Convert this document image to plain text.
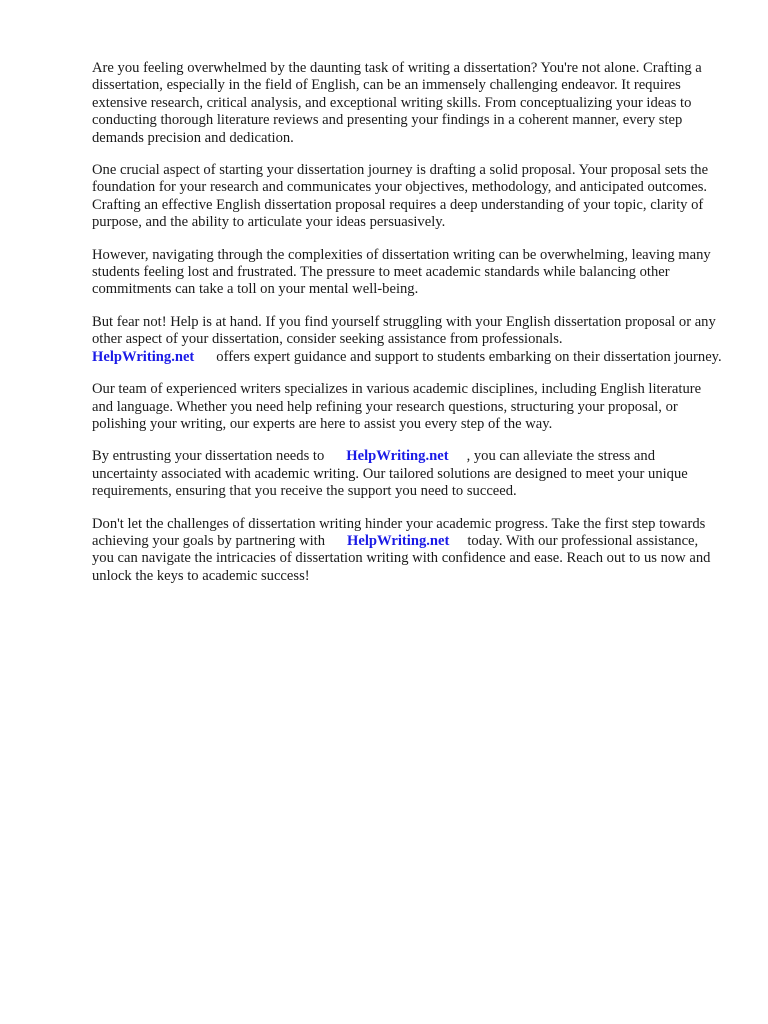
Are you feeling overwhelmed by the daunting task of writing a dissertation? You're not alone. Crafting a dissertation, especially in the field of English, can be an immensely challenging endeavor. It requires extensive research, critical analysis, and exceptional writing skills. From conceptualizing your ideas to conducting thorough literature reviews and presenting your findings in a coherent manner, every step demands precision and dedication.

One crucial aspect of starting your dissertation journey is drafting a solid proposal. Your proposal sets the foundation for your research and communicates your objectives, methodology, and anticipated outcomes. Crafting an effective English dissertation proposal requires a deep understanding of your topic, clarity of purpose, and the ability to articulate your ideas persuasively.

However, navigating through the complexities of dissertation writing can be overwhelming, leaving many students feeling lost and frustrated. The pressure to meet academic standards while balancing other commitments can take a toll on your mental well-being.

But fear not! Help is at hand. If you find yourself struggling with your English dissertation proposal or any other aspect of your dissertation, consider seeking assistance from professionals.
HelpWriting.net offers expert guidance and support to students embarking on their dissertation journey.

Our team of experienced writers specializes in various academic disciplines, including English literature and language. Whether you need help refining your research questions, structuring your proposal, or polishing your writing, our experts are here to assist you every step of the way.

By entrusting your dissertation needs to HelpWriting.net , you can alleviate the stress and uncertainty associated with academic writing. Our tailored solutions are designed to meet your unique requirements, ensuring that you receive the support you need to succeed.

Don't let the challenges of dissertation writing hinder your academic progress. Take the first step towards achieving your goals by partnering with HelpWriting.net today. With our professional assistance, you can navigate the intricacies of dissertation writing with confidence and ease. Reach out to us now and unlock the keys to academic success!
